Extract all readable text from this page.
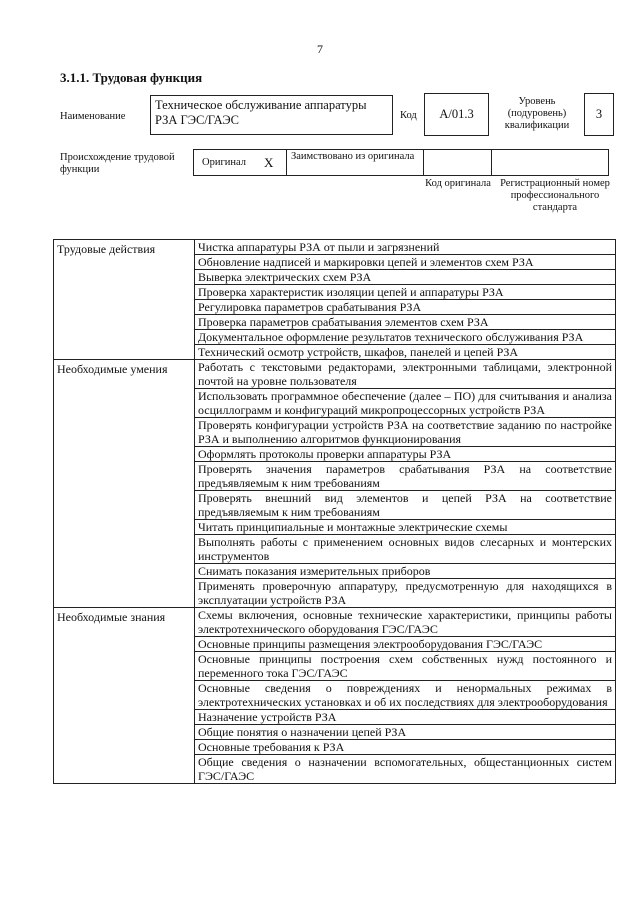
7
3.1.1. Трудовая функция
Наименование
Техническое обслуживание аппаратуры РЗА ГЭС/ГАЭС	Код	А/01.3
Уровень (подуровень) квалификации
3
Происхождение трудовой функции
Оригинал Х Заимствовано из оригинала
Код оригинала Регистрационный номер профессионального стандарта
Трудовые действия	Чистка аппаратуры РЗА от пыли и загрязнений
	Обновление надписей и маркировки цепей и элементов схем РЗА
	Выверка электрических схем РЗА
	Проверка характеристик изоляции цепей и аппаратуры РЗА
	Регулировка параметров срабатывания РЗА
	Проверка параметров срабатывания элементов схем РЗА
	Документальное оформление результатов технического обслуживания РЗА
	Технический осмотр устройств, шкафов, панелей и цепей РЗА
Необходимые умения	Работать с текстовыми редакторами, электронными таблицами, электронной почтой на уровне пользователя
	Использовать программное обеспечение (далее – ПО) для считывания и анализа осциллограмм и конфигураций микропроцессорных устройств РЗА
	Проверять конфигурации устройств РЗА на соответствие заданию по настройке РЗА и выполнению алгоритмов функционирования
	Оформлять протоколы проверки аппаратуры РЗА
	Проверять значения параметров срабатывания РЗА на соответствие предъявляемым к ним требованиям
	Проверять внешний вид элементов и цепей РЗА на соответствие предъявляемым к ним требованиям
	Читать принципиальные и монтажные электрические схемы
	Выполнять работы с применением основных видов слесарных и монтерских инструментов
	Снимать показания измерительных приборов
	Применять проверочную аппаратуру, предусмотренную для находящихся в эксплуатации устройств РЗА
Необходимые знания	Схемы включения, основные технические характеристики, принципы работы электротехнического оборудования ГЭС/ГАЭС
	Основные принципы размещения электрооборудования ГЭС/ГАЭС
	Основные принципы построения схем собственных нужд постоянного и переменного тока ГЭС/ГАЭС
	Основные сведения о повреждениях и ненормальных режимах в электротехнических установках и об их последствиях для электрооборудования
	Назначение устройств РЗА
	Общие понятия о назначении цепей РЗА
	Основные требования к РЗА
	Общие сведения о назначении вспомогательных, общестанционных систем ГЭС/ГАЭС
